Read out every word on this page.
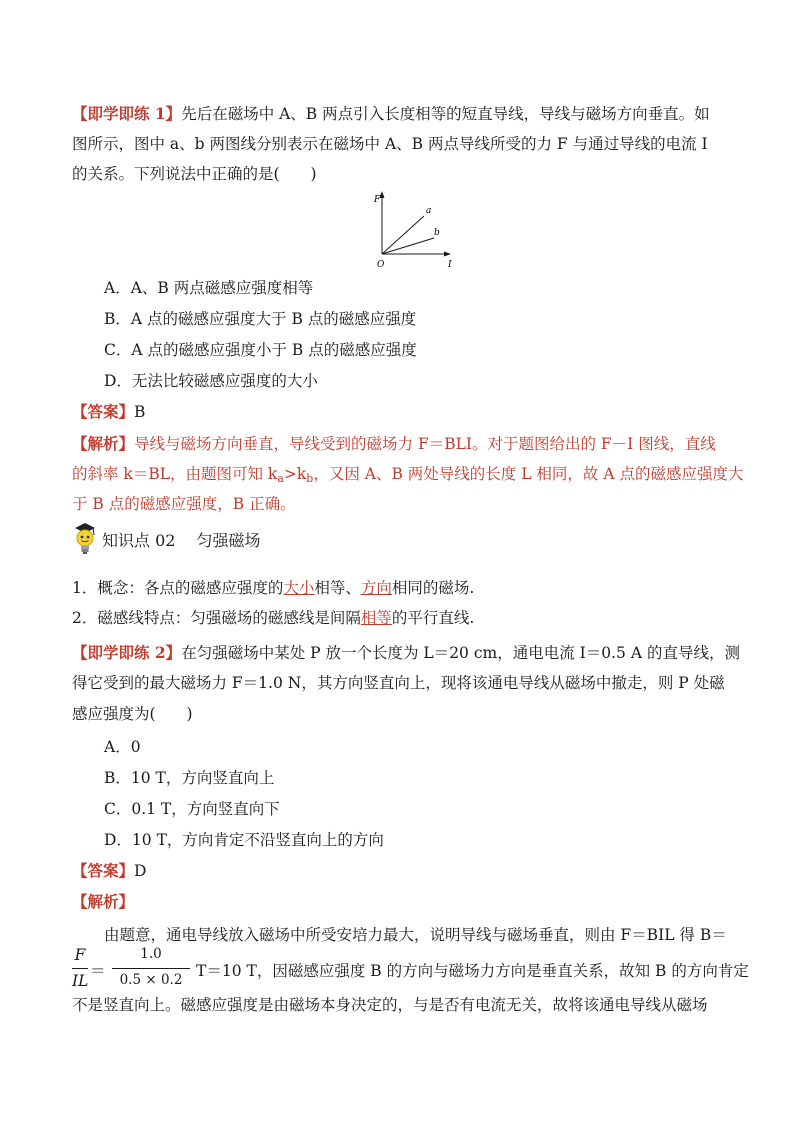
【即学即练 1】先后在磁场中 A、B 两点引入长度相等的短直导线，导线与磁场方向垂直。如
图所示，图中 a、b 两图线分别表示在磁场中 A、B 两点导线所受的力 F 与通过导线的电流 I
的关系。下列说法中正确的是(　　)
F
I
O
a
b
A．A、B 两点磁感应强度相等
B．A 点的磁感应强度大于 B 点的磁感应强度
C．A 点的磁感应强度小于 B 点的磁感应强度
D．无法比较磁感应强度的大小
【答案】B
【解析】导线与磁场方向垂直，导线受到的磁场力 F＝BLI。对于题图给出的 F－I 图线，直线
的斜率 k＝BL，由题图可知 $k_a>k_b$，又因 A、B 两处导线的长度 L 相同，故 A 点的磁感应强度大
于 B 点的磁感应强度，B 正确。
知识点 02　 匀强磁场
1．概念：各点的磁感应强度的大小相等、方向相同的磁场.
2．磁感线特点：匀强磁场的磁感线是间隔相等的平行直线.
【即学即练 2】在匀强磁场中某处 P 放一个长度为 L＝20 cm，通电电流 I＝0.5 A 的直导线，测
得它受到的最大磁场力 F＝1.0 N，其方向竖直向上，现将该通电导线从磁场中撤走，则 P 处磁
感应强度为(　　)
A．0
B．10 T，方向竖直向上
C．0.1 T，方向竖直向下
D．10 T，方向肯定不沿竖直向上的方向
【答案】D
【解析】
由题意，通电导线放入磁场中所受安培力最大，说明导线与磁场垂直，则由 F＝BIL 得 B＝
F
IL
＝
1.0
0.5 × 0.2 T＝10 T，因磁感应强度 B 的方向与磁场力方向是垂直关系，故知 B 的方向肯定
不是竖直向上。磁感应强度是由磁场本身决定的，与是否有电流无关，故将该通电导线从磁场
